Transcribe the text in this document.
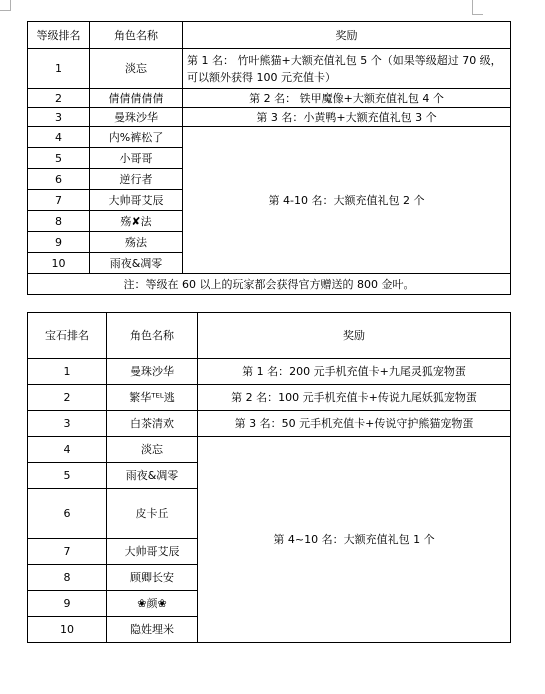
等级排名	角色名称	奖励
1	淡忘	第 1 名： 竹叶熊猫+大额充值礼包 5 个（如果等级超过 70 级，可以额外获得 100 元充值卡）
2	倩倩倩倩倩	第 2 名： 铁甲魔像+大额充值礼包 4 个
3	曼珠沙华	第 3 名：小黄鸭+大额充值礼包 3 个
4	内%裤松了	第 4-10 名：大额充值礼包 2 个
5	小哥哥	
6	逆行者	
7	大帅哥艾辰	
8	殇✘法	
9	殇法	
10	雨夜&凋零	
注：等级在 60 以上的玩家都会获得官方赠送的 800 金叶。		
宝石排名	角色名称	奖励
1	曼珠沙华	第 1 名：200 元手机充值卡+九尾灵狐宠物蛋
2	繁华ᵀᴱᴸ逃	第 2 名：100 元手机充值卡+传说九尾妖狐宠物蛋
3	白茶清欢	第 3 名：50 元手机充值卡+传说守护熊猫宠物蛋
4	淡忘	第 4~10 名：大额充值礼包 1 个
5	雨夜&凋零	
6	皮卡丘	
7	大帅哥艾辰	
8	顾卿长安	
9	❀颜❀	
10	隐姓埋米	
